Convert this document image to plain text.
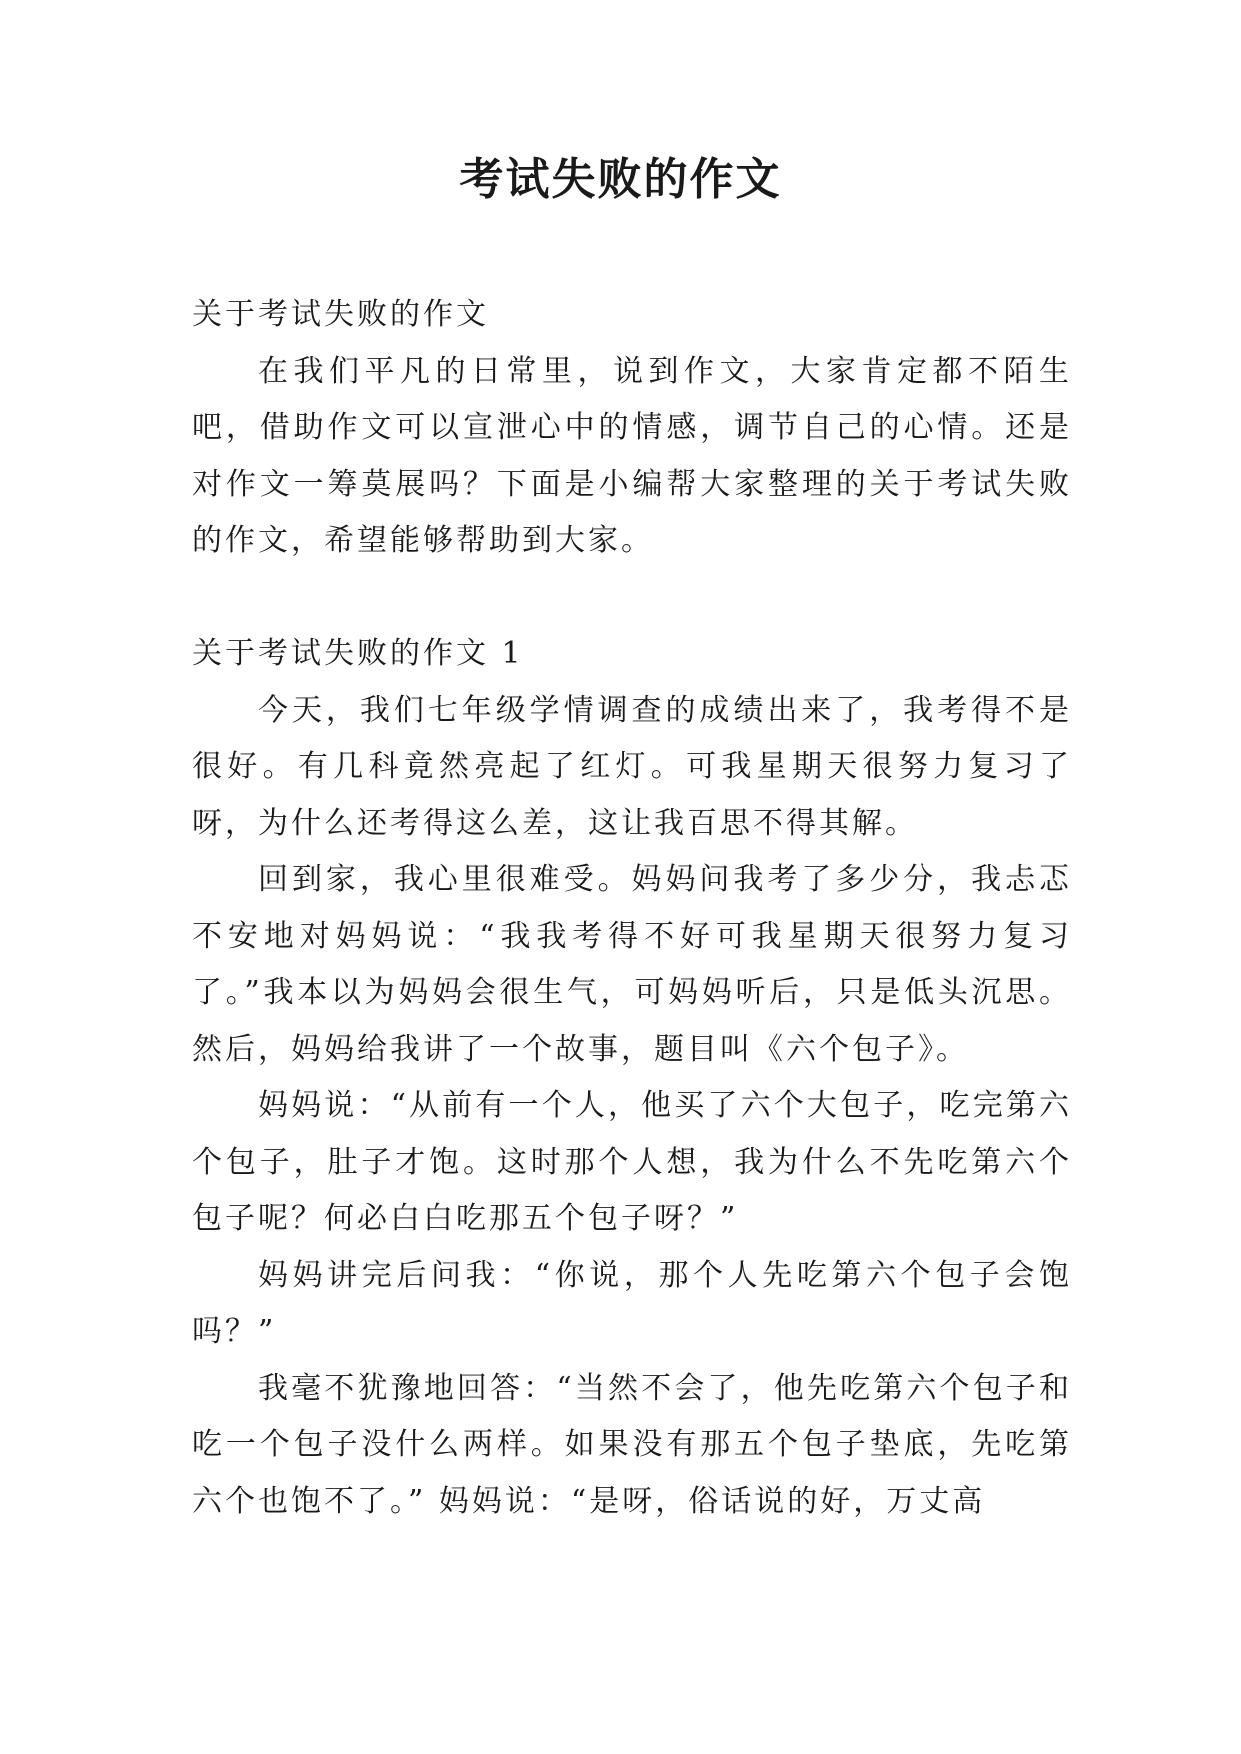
考试失败的作文

关于考试失败的作文

在我们平凡的日常里，说到作文，大家肯定都不陌生吧，借助作文可以宣泄心中的情感，调节自己的心情。还是对作文一筹莫展吗？下面是小编帮大家整理的关于考试失败的作文，希望能够帮助到大家。

关于考试失败的作文 1

今天，我们七年级学情调查的成绩出来了，我考得不是很好。有几科竟然亮起了红灯。可我星期天很努力复习了呀，为什么还考得这么差，这让我百思不得其解。

回到家，我心里很难受。妈妈问我考了多少分，我忐忑不安地对妈妈说：“我我考得不好可我星期天很努力复习了。”我本以为妈妈会很生气，可妈妈听后，只是低头沉思。然后，妈妈给我讲了一个故事，题目叫《六个包子》。

妈妈说：“从前有一个人，他买了六个大包子，吃完第六个包子，肚子才饱。这时那个人想，我为什么不先吃第六个包子呢？何必白白吃那五个包子呀？”

妈妈讲完后问我：“你说，那个人先吃第六个包子会饱吗？”

我毫不犹豫地回答：“当然不会了，他先吃第六个包子和吃一个包子没什么两样。如果没有那五个包子垫底，先吃第六个也饱不了。” 妈妈说：“是呀，俗话说的好，万丈高
